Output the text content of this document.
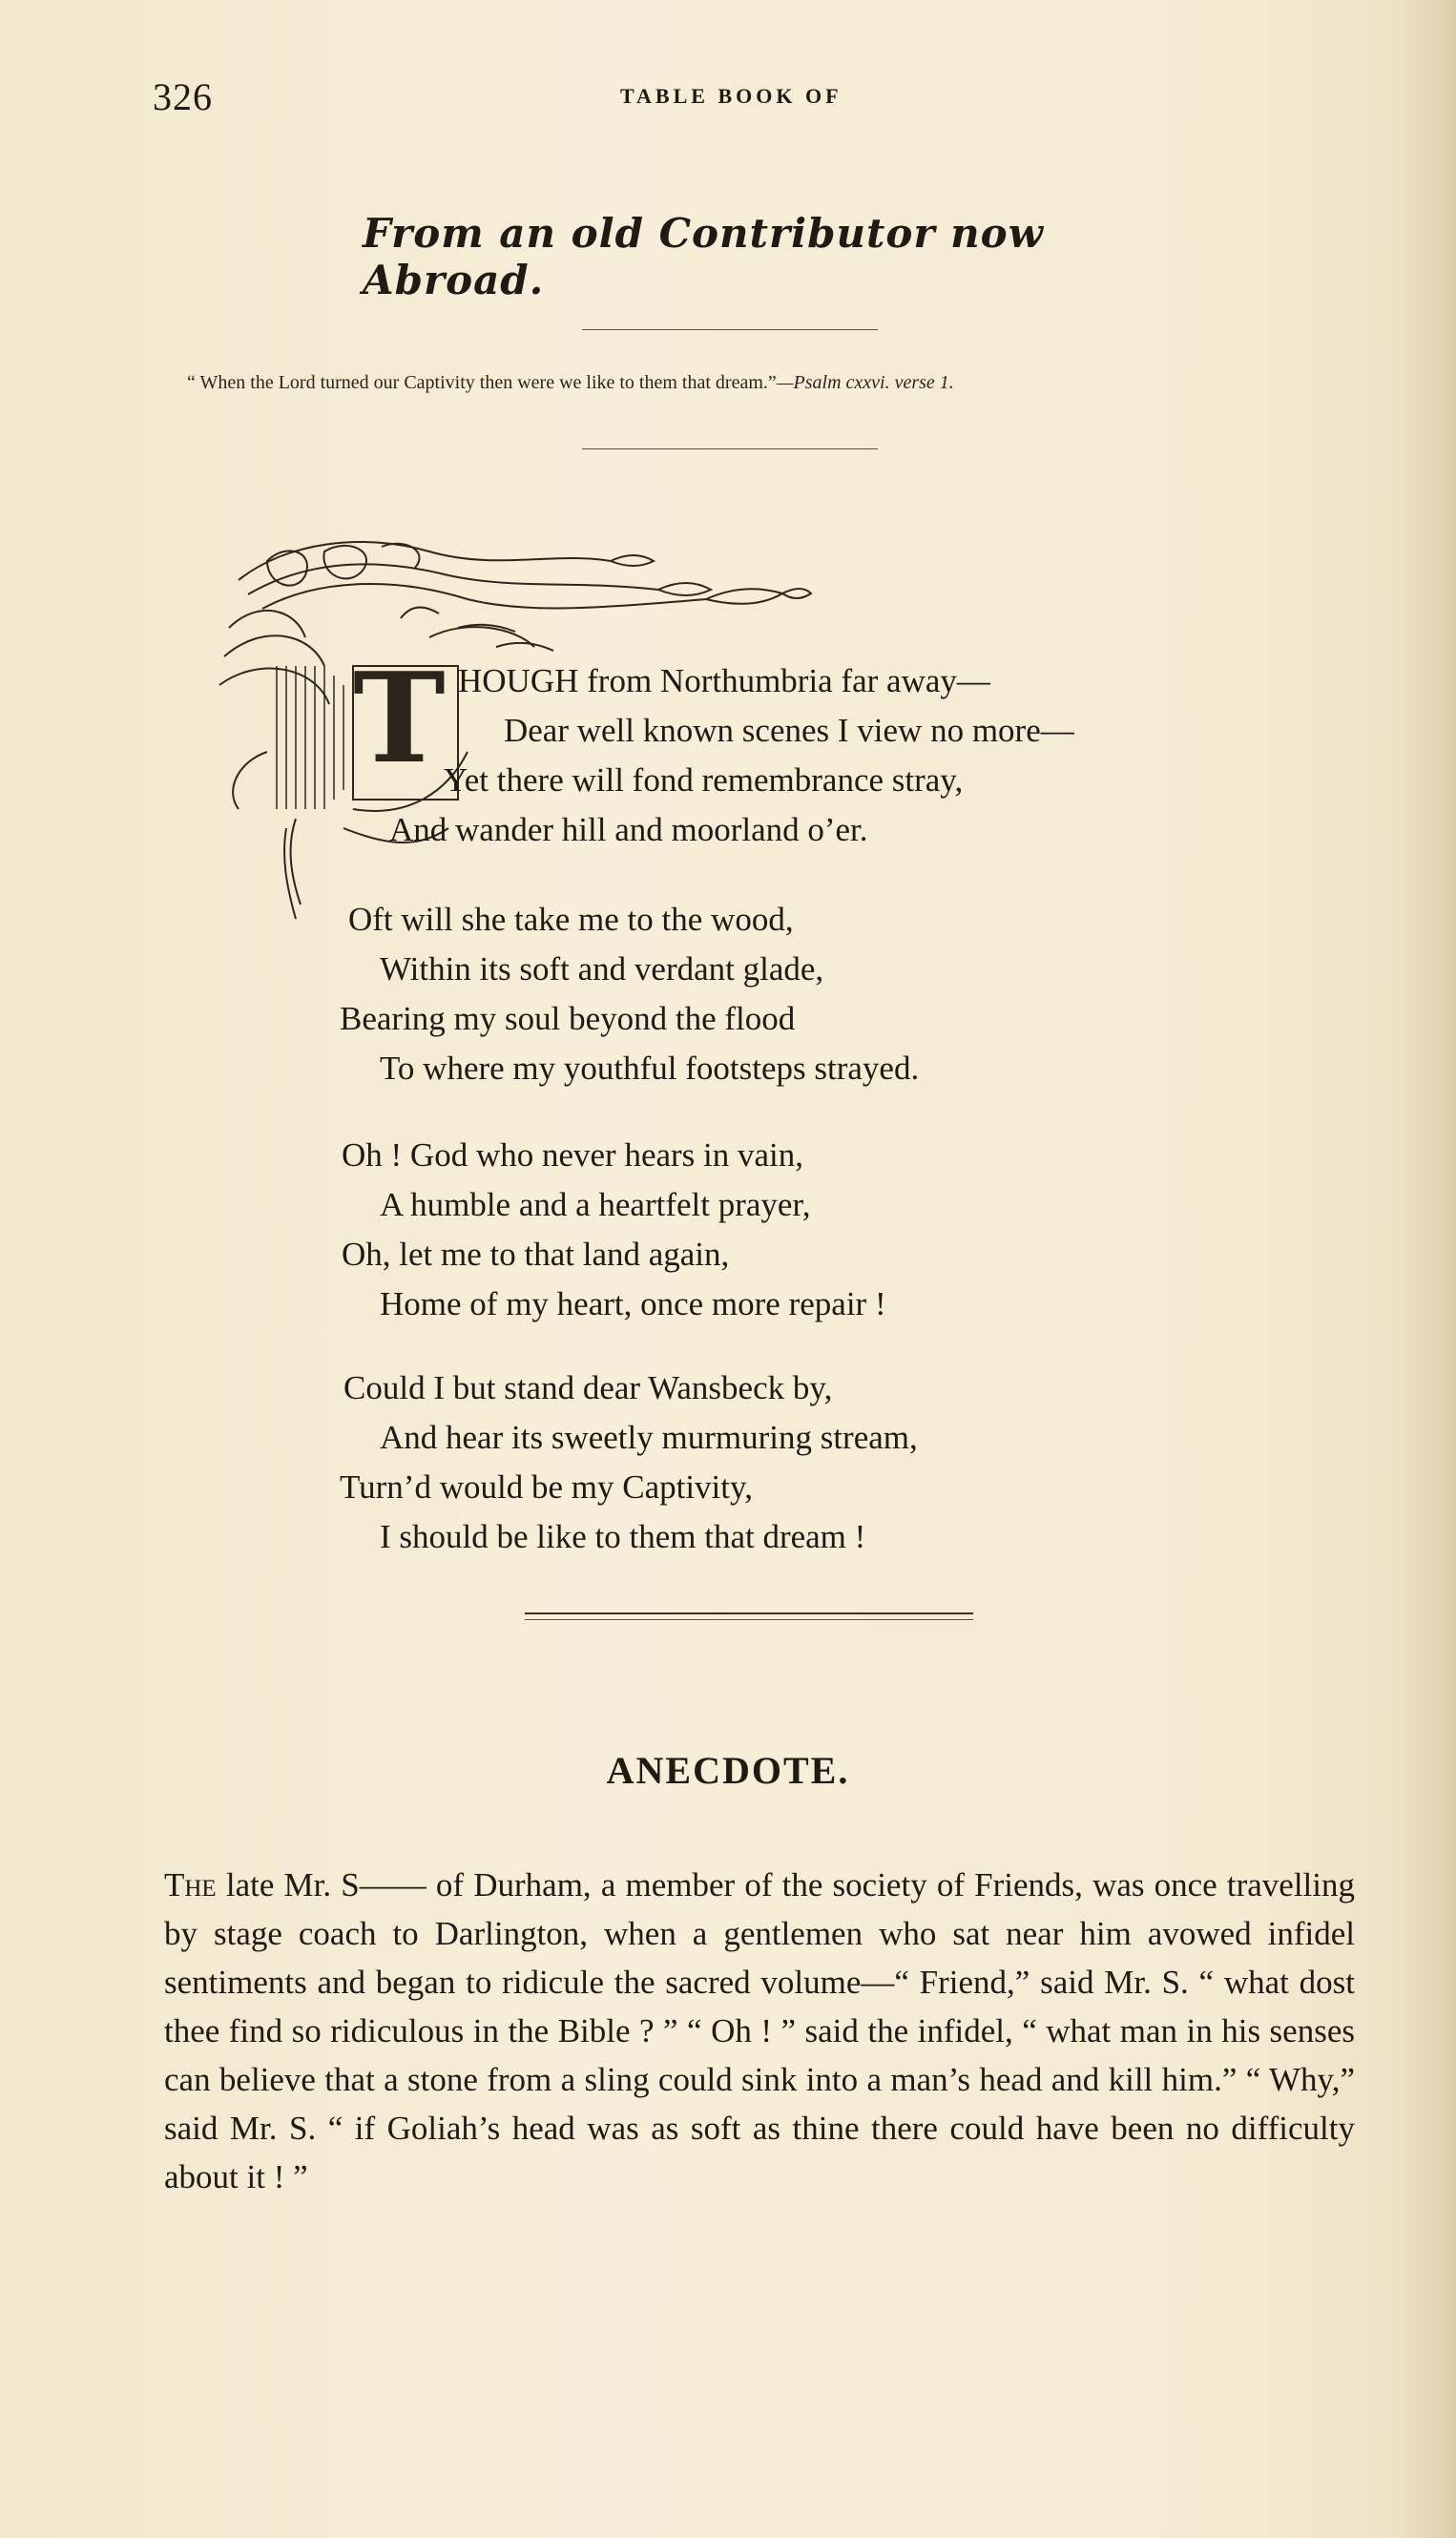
326	TABLE BOOK OF
From an old Contributor now Abroad.
“ When the Lord turned our Captivity then were we like to them that dream.”—Psalm cxxvi. verse 1.
T HOUGH from Northumbria far away—
Dear well known scenes I view no more—
Yet there will fond remembrance stray,
And wander hill and moorland o’er.
Oft will she take me to the wood,
Within its soft and verdant glade,
Bearing my soul beyond the flood
To where my youthful footsteps strayed.
Oh ! God who never hears in vain,
A humble and a heartfelt prayer,
Oh, let me to that land again,
Home of my heart, once more repair !
Could I but stand dear Wansbeck by,
And hear its sweetly murmuring stream,
Turn’d would be my Captivity,
I should be like to them that dream !
ANECDOTE.
The late Mr. S—— of Durham, a member of the society of Friends, was once travelling by stage coach to Darlington, when a gentlemen who sat near him avowed infidel sentiments and began to ridicule the sacred volume—“ Friend,” said Mr. S. “ what dost thee find so ridiculous in the Bible ? ” “ Oh ! ” said the infidel, “ what man in his senses can believe that a stone from a sling could sink into a man’s head and kill him.” “ Why,” said Mr. S. “ if Goliah’s head was as soft as thine there could have been no difficulty about it ! ”
